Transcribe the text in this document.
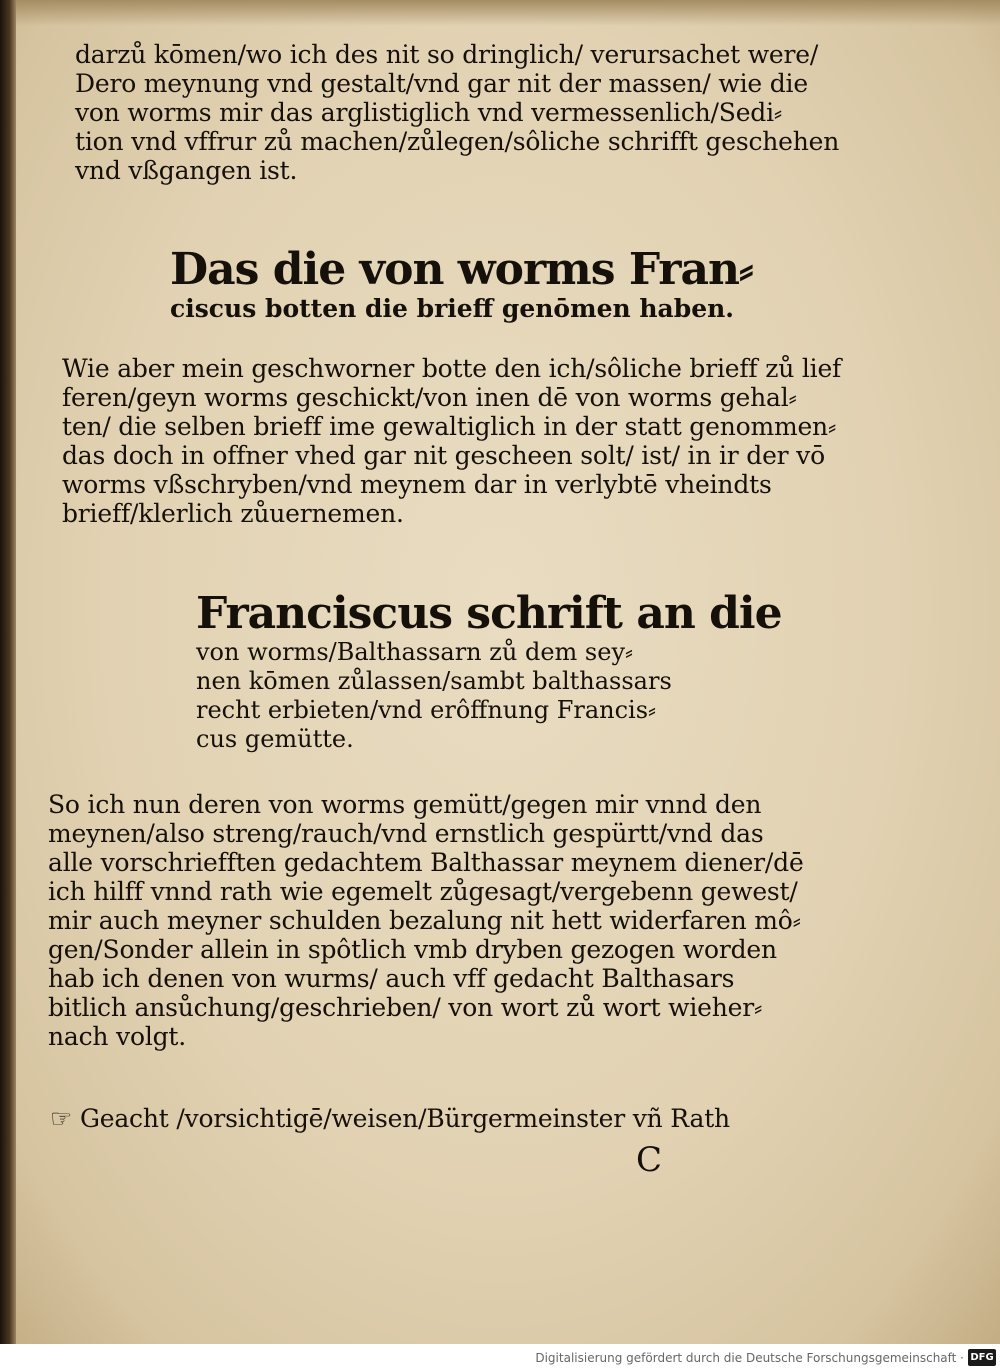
darzů kōmen/wo ich des nit so dringlich/ verursachet were/
Dero meynung vnd gestalt/vnd gar nit der massen/ wie die
von worms mir das arglistiglich vnd vermessenlich/Sedi⸗
tion vnd vffrur zů machen/zůlegen/sôliche schrifft geschehen
vnd vßgangen ist.
Das die von worms Fran⸗
ciscus botten die brieff genōmen haben.
Wie aber mein geschworner botte den ich/sôliche brieff zů lief
feren/geyn worms geschickt/von inen dē von worms gehal⸗
ten/ die selben brieff ime gewaltiglich in der statt genommen⸗
das doch in offner vhed gar nit gescheen solt/ ist/ in ir der vō
worms vßschryben/vnd meynem dar in verlybtē vheindts
brieff/klerlich zůuernemen.
Franciscus schrift an die
von worms/Balthassarn zů dem sey⸗
nen kōmen zůlassen/sambt balthassars
recht erbieten/vnd erôffnung Francis⸗
cus gemütte.
So ich nun deren von worms gemütt/gegen mir vnnd den
meynen/also streng/rauch/vnd ernstlich gespürtt/vnd das
alle vorschriefften gedachtem Balthassar meynem diener/dē
ich hilff vnnd rath wie egemelt zůgesagt/vergebenn gewest/
mir auch meyner schulden bezalung nit hett widerfaren mô⸗
gen/Sonder allein in spôtlich vmb dryben gezogen worden
hab ich denen von wurms/ auch vff gedacht Balthasars
bitlich ansůchung/geschrieben/ von wort zů wort wieher⸗
nach volgt.
☞ Geacht /vorsichtigē/weisen/Bürgermeinster vñ Rath
C
Digitalisierung gefördert durch die Deutsche Forschungsgemeinschaft · DFG
